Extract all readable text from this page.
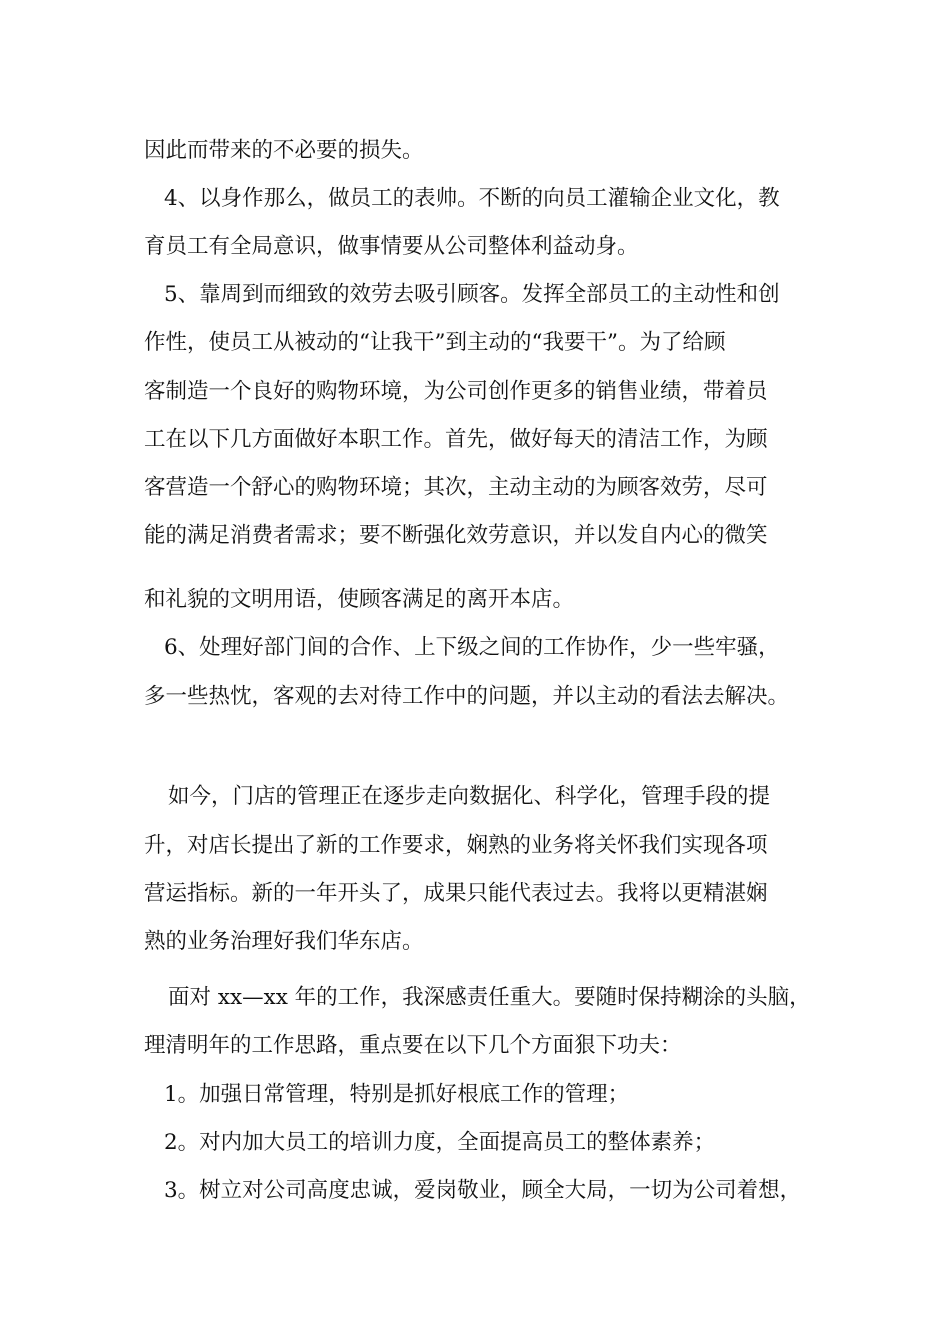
因此而带来的不必要的损失。
4、以身作那么，做员工的表帅。不断的向员工灌输企业文化，教
育员工有全局意识，做事情要从公司整体利益动身。
5、靠周到而细致的效劳去吸引顾客。发挥全部员工的主动性和创
作性，使员工从被动的“让我干”到主动的“我要干”。为了给顾
客制造一个良好的购物环境，为公司创作更多的销售业绩，带着员
工在以下几方面做好本职工作。首先，做好每天的清洁工作，为顾
客营造一个舒心的购物环境；其次，主动主动的为顾客效劳，尽可
能的满足消费者需求；要不断强化效劳意识，并以发自内心的微笑
和礼貌的文明用语，使顾客满足的离开本店。
6、处理好部门间的合作、上下级之间的工作协作，少一些牢骚，
多一些热忱，客观的去对待工作中的问题，并以主动的看法去解决。
如今，门店的管理正在逐步走向数据化、科学化，管理手段的提
升，对店长提出了新的工作要求，娴熟的业务将关怀我们实现各项
营运指标。新的一年开头了，成果只能代表过去。我将以更精湛娴
熟的业务治理好我们华东店。
面对 xx—xx 年的工作，我深感责任重大。要随时保持糊涂的头脑，
理清明年的工作思路，重点要在以下几个方面狠下功夫：
1。加强日常管理，特别是抓好根底工作的管理；
2。对内加大员工的培训力度，全面提高员工的整体素养；
3。树立对公司高度忠诚，爱岗敬业，顾全大局，一切为公司着想，
